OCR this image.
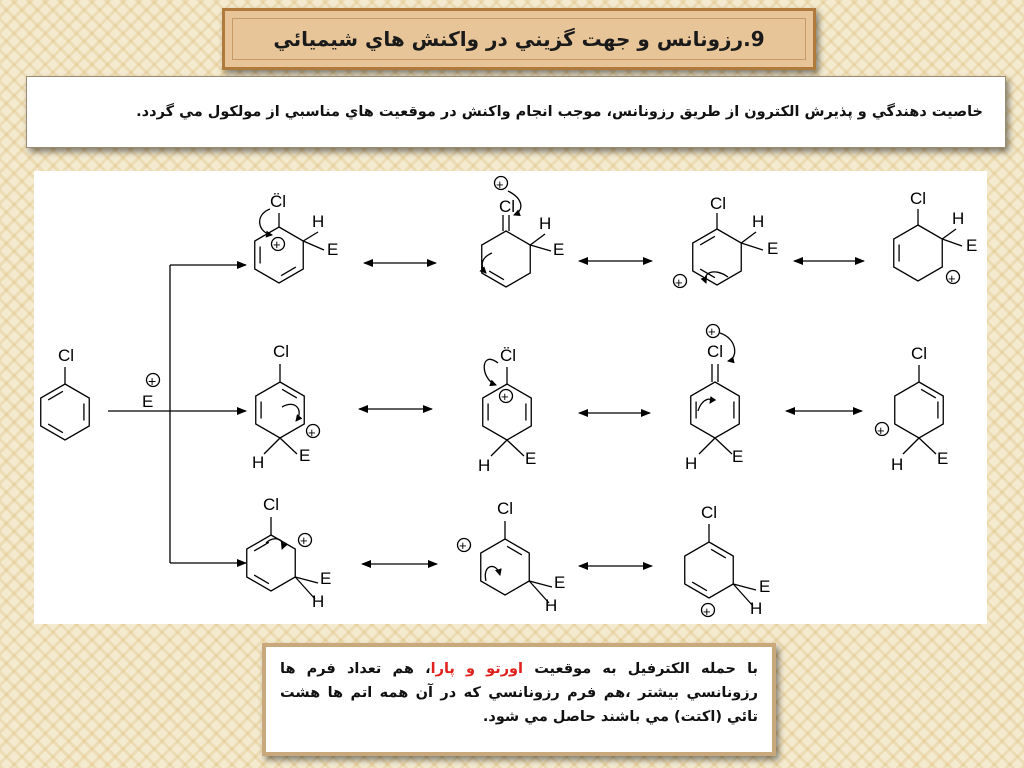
9.رزونانس و جهت گزيني در واكنش هاي شيميائي
خاصيت دهندگي و پذيرش الكترون از طريق رزونانس، موجب انجام واكنش در موقعيت هاي مناسبي از مولكول مي گردد.
Cl
E
+
C̈l
H
E
+
+
Cl
H
E
Cl
H
E
+
Cl
H
E
+
Cl
+
H E
C̈l
+
H E
+
Cl
H E
Cl
+
H E
Cl
+
E
H
+
Cl
E
H
Cl
E
H
+
با حمله الكترفيل به موقعيت اورتو و پارا، هم تعداد فرم ها رزونانسي بيشتر ،هم فرم رزونانسي كه در آن همه اتم ها هشت تائي (اكتت) مي باشند حاصل مي شود.
